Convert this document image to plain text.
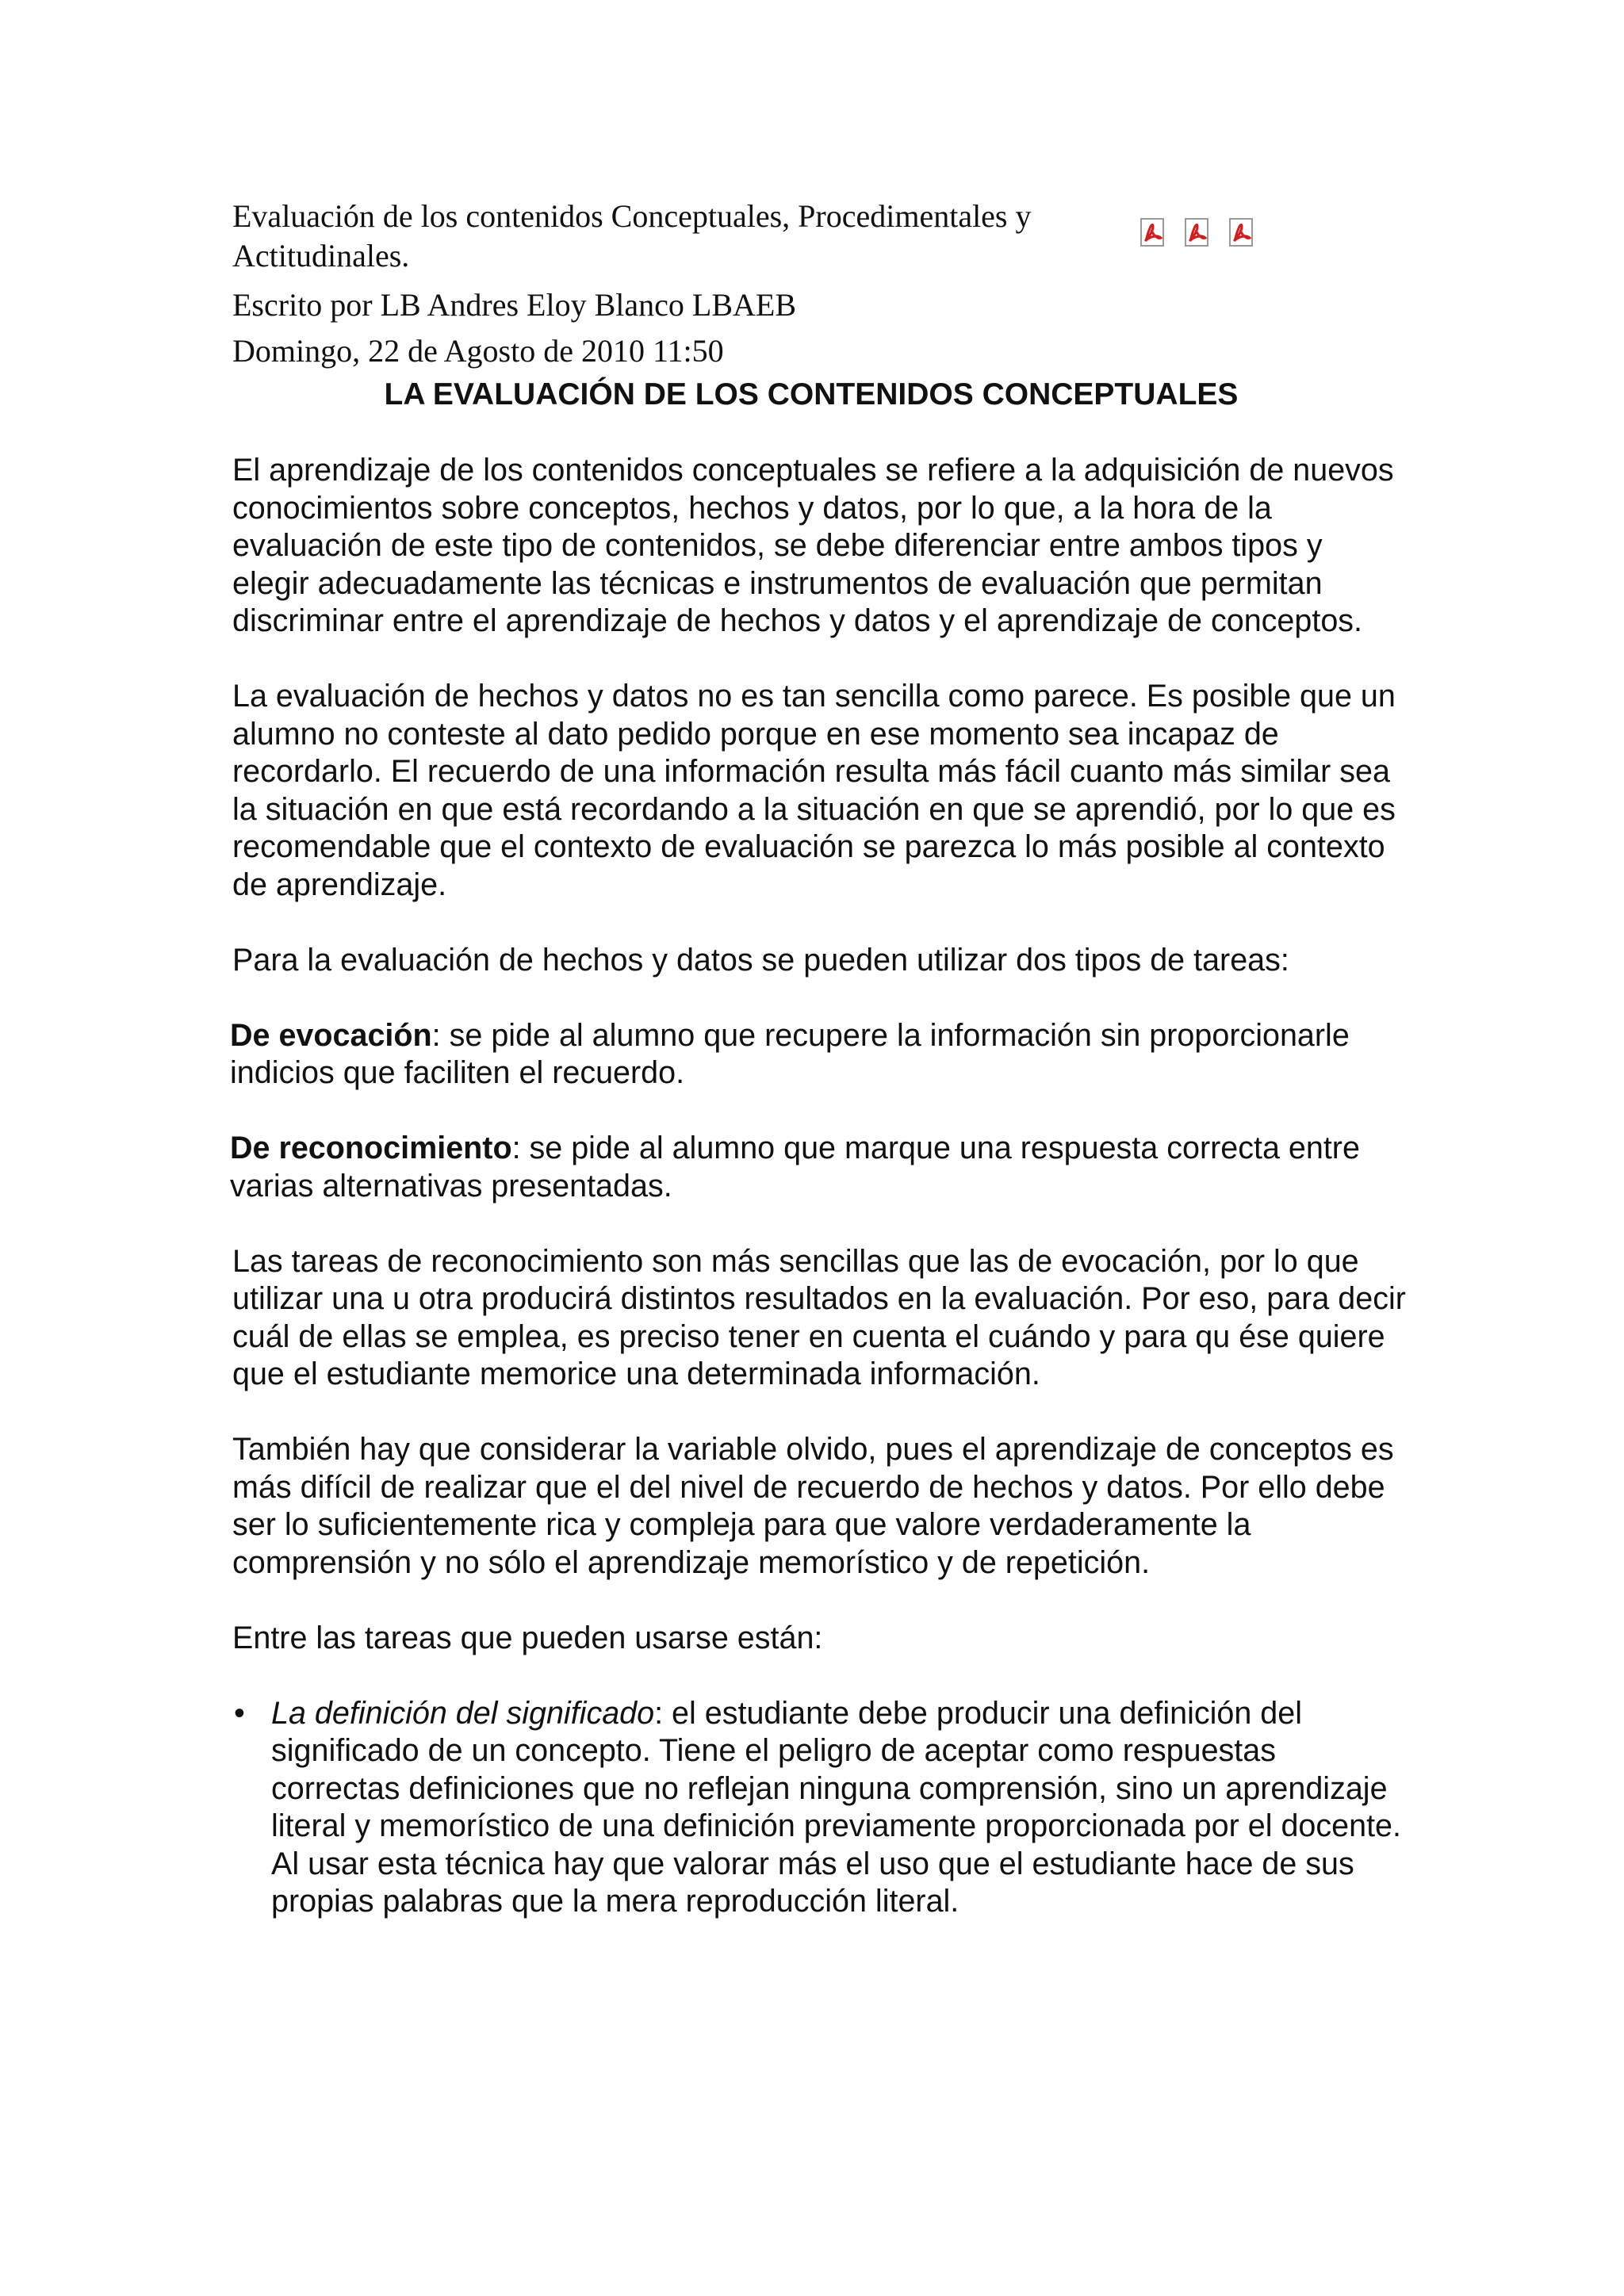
Evaluación de los contenidos Conceptuales, Procedimentales y Actitudinales.
Escrito por LB Andres Eloy Blanco LBAEB
Domingo, 22 de Agosto de 2010 11:50
LA EVALUACIÓN DE LOS CONTENIDOS CONCEPTUALES

El aprendizaje de los contenidos conceptuales se refiere a la adquisición de nuevos conocimientos sobre conceptos, hechos y datos, por lo que, a la hora de la evaluación de este tipo de contenidos, se debe diferenciar entre ambos tipos y elegir adecuadamente las técnicas e instrumentos de evaluación que permitan discriminar entre el aprendizaje de hechos y datos y el aprendizaje de conceptos.

La evaluación de hechos y datos no es tan sencilla como parece. Es posible que un alumno no conteste al dato pedido porque en ese momento sea incapaz de recordarlo. El recuerdo de una información resulta más fácil cuanto más similar sea la situación en que está recordando a la situación en que se aprendió, por lo que es recomendable que el contexto de evaluación se parezca lo más posible al contexto de aprendizaje.

Para la evaluación de hechos y datos se pueden utilizar dos tipos de tareas:

De evocación: se pide al alumno que recupere la información sin proporcionarle indicios que faciliten el recuerdo.

De reconocimiento: se pide al alumno que marque una respuesta correcta entre varias alternativas presentadas.

Las tareas de reconocimiento son más sencillas que las de evocación, por lo que utilizar una u otra producirá distintos resultados en la evaluación. Por eso, para decir cuál de ellas se emplea, es preciso tener en cuenta el cuándo y para qu ése quiere que el estudiante memorice una determinada información.

También hay que considerar la variable olvido, pues el aprendizaje de conceptos es más difícil de realizar que el del nivel de recuerdo de hechos y datos. Por ello debe ser lo suficientemente rica y compleja para que valore verdaderamente la comprensión y no sólo el aprendizaje memorístico y de repetición.

Entre las tareas que pueden usarse están:

• La definición del significado: el estudiante debe producir una definición del significado de un concepto. Tiene el peligro de aceptar como respuestas correctas definiciones que no reflejan ninguna comprensión, sino un aprendizaje literal y memorístico de una definición previamente proporcionada por el docente. Al usar esta técnica hay que valorar más el uso que el estudiante hace de sus propias palabras que la mera reproducción literal.
